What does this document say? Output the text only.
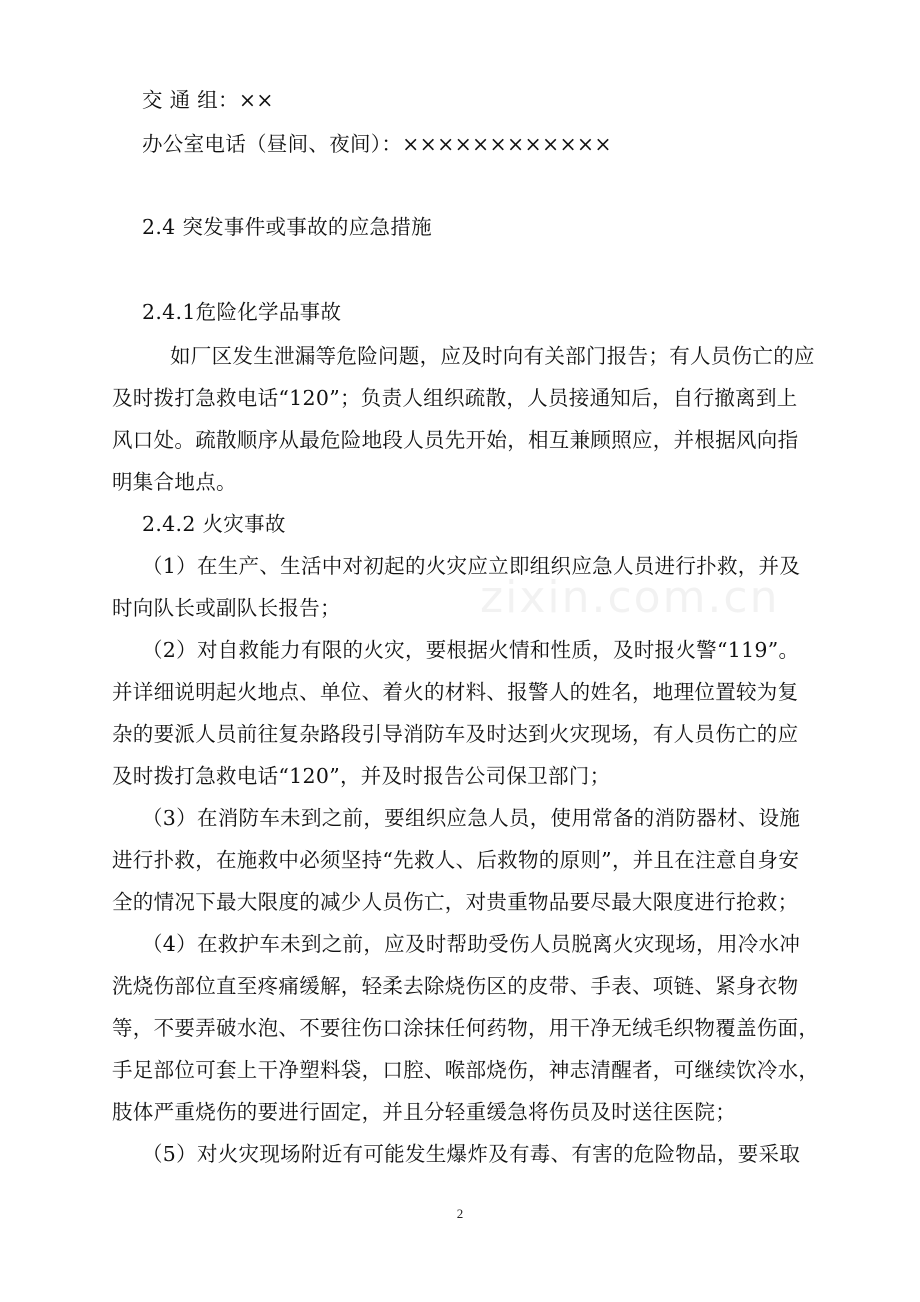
交 通 组：××
办公室电话（昼间、夜间）：××××××××××××
2.4 突发事件或事故的应急措施
2.4.1危险化学品事故
如厂区发生泄漏等危险问题，应及时向有关部门报告；有人员伤亡的应
及时拨打急救电话“120”；负责人组织疏散，人员接通知后，自行撤离到上
风口处。疏散顺序从最危险地段人员先开始，相互兼顾照应，并根据风向指
明集合地点。
2.4.2 火灾事故
（1）在生产、生活中对初起的火灾应立即组织应急人员进行扑救，并及
时向队长或副队长报告；
（2）对自救能力有限的火灾，要根据火情和性质，及时报火警“119”。
并详细说明起火地点、单位、着火的材料、报警人的姓名，地理位置较为复
杂的要派人员前往复杂路段引导消防车及时达到火灾现场，有人员伤亡的应
及时拨打急救电话“120”，并及时报告公司保卫部门；
（3）在消防车未到之前，要组织应急人员，使用常备的消防器材、设施
进行扑救，在施救中必须坚持“先救人、后救物的原则”，并且在注意自身安
全的情况下最大限度的减少人员伤亡，对贵重物品要尽最大限度进行抢救；
（4）在救护车未到之前，应及时帮助受伤人员脱离火灾现场，用冷水冲
洗烧伤部位直至疼痛缓解，轻柔去除烧伤区的皮带、手表、项链、紧身衣物
等，不要弄破水泡、不要往伤口涂抹任何药物，用干净无绒毛织物覆盖伤面，
手足部位可套上干净塑料袋，口腔、喉部烧伤，神志清醒者，可继续饮冷水，
肢体严重烧伤的要进行固定，并且分轻重缓急将伤员及时送往医院；
（5）对火灾现场附近有可能发生爆炸及有毒、有害的危险物品，要采取
zixin.com.cn
2
